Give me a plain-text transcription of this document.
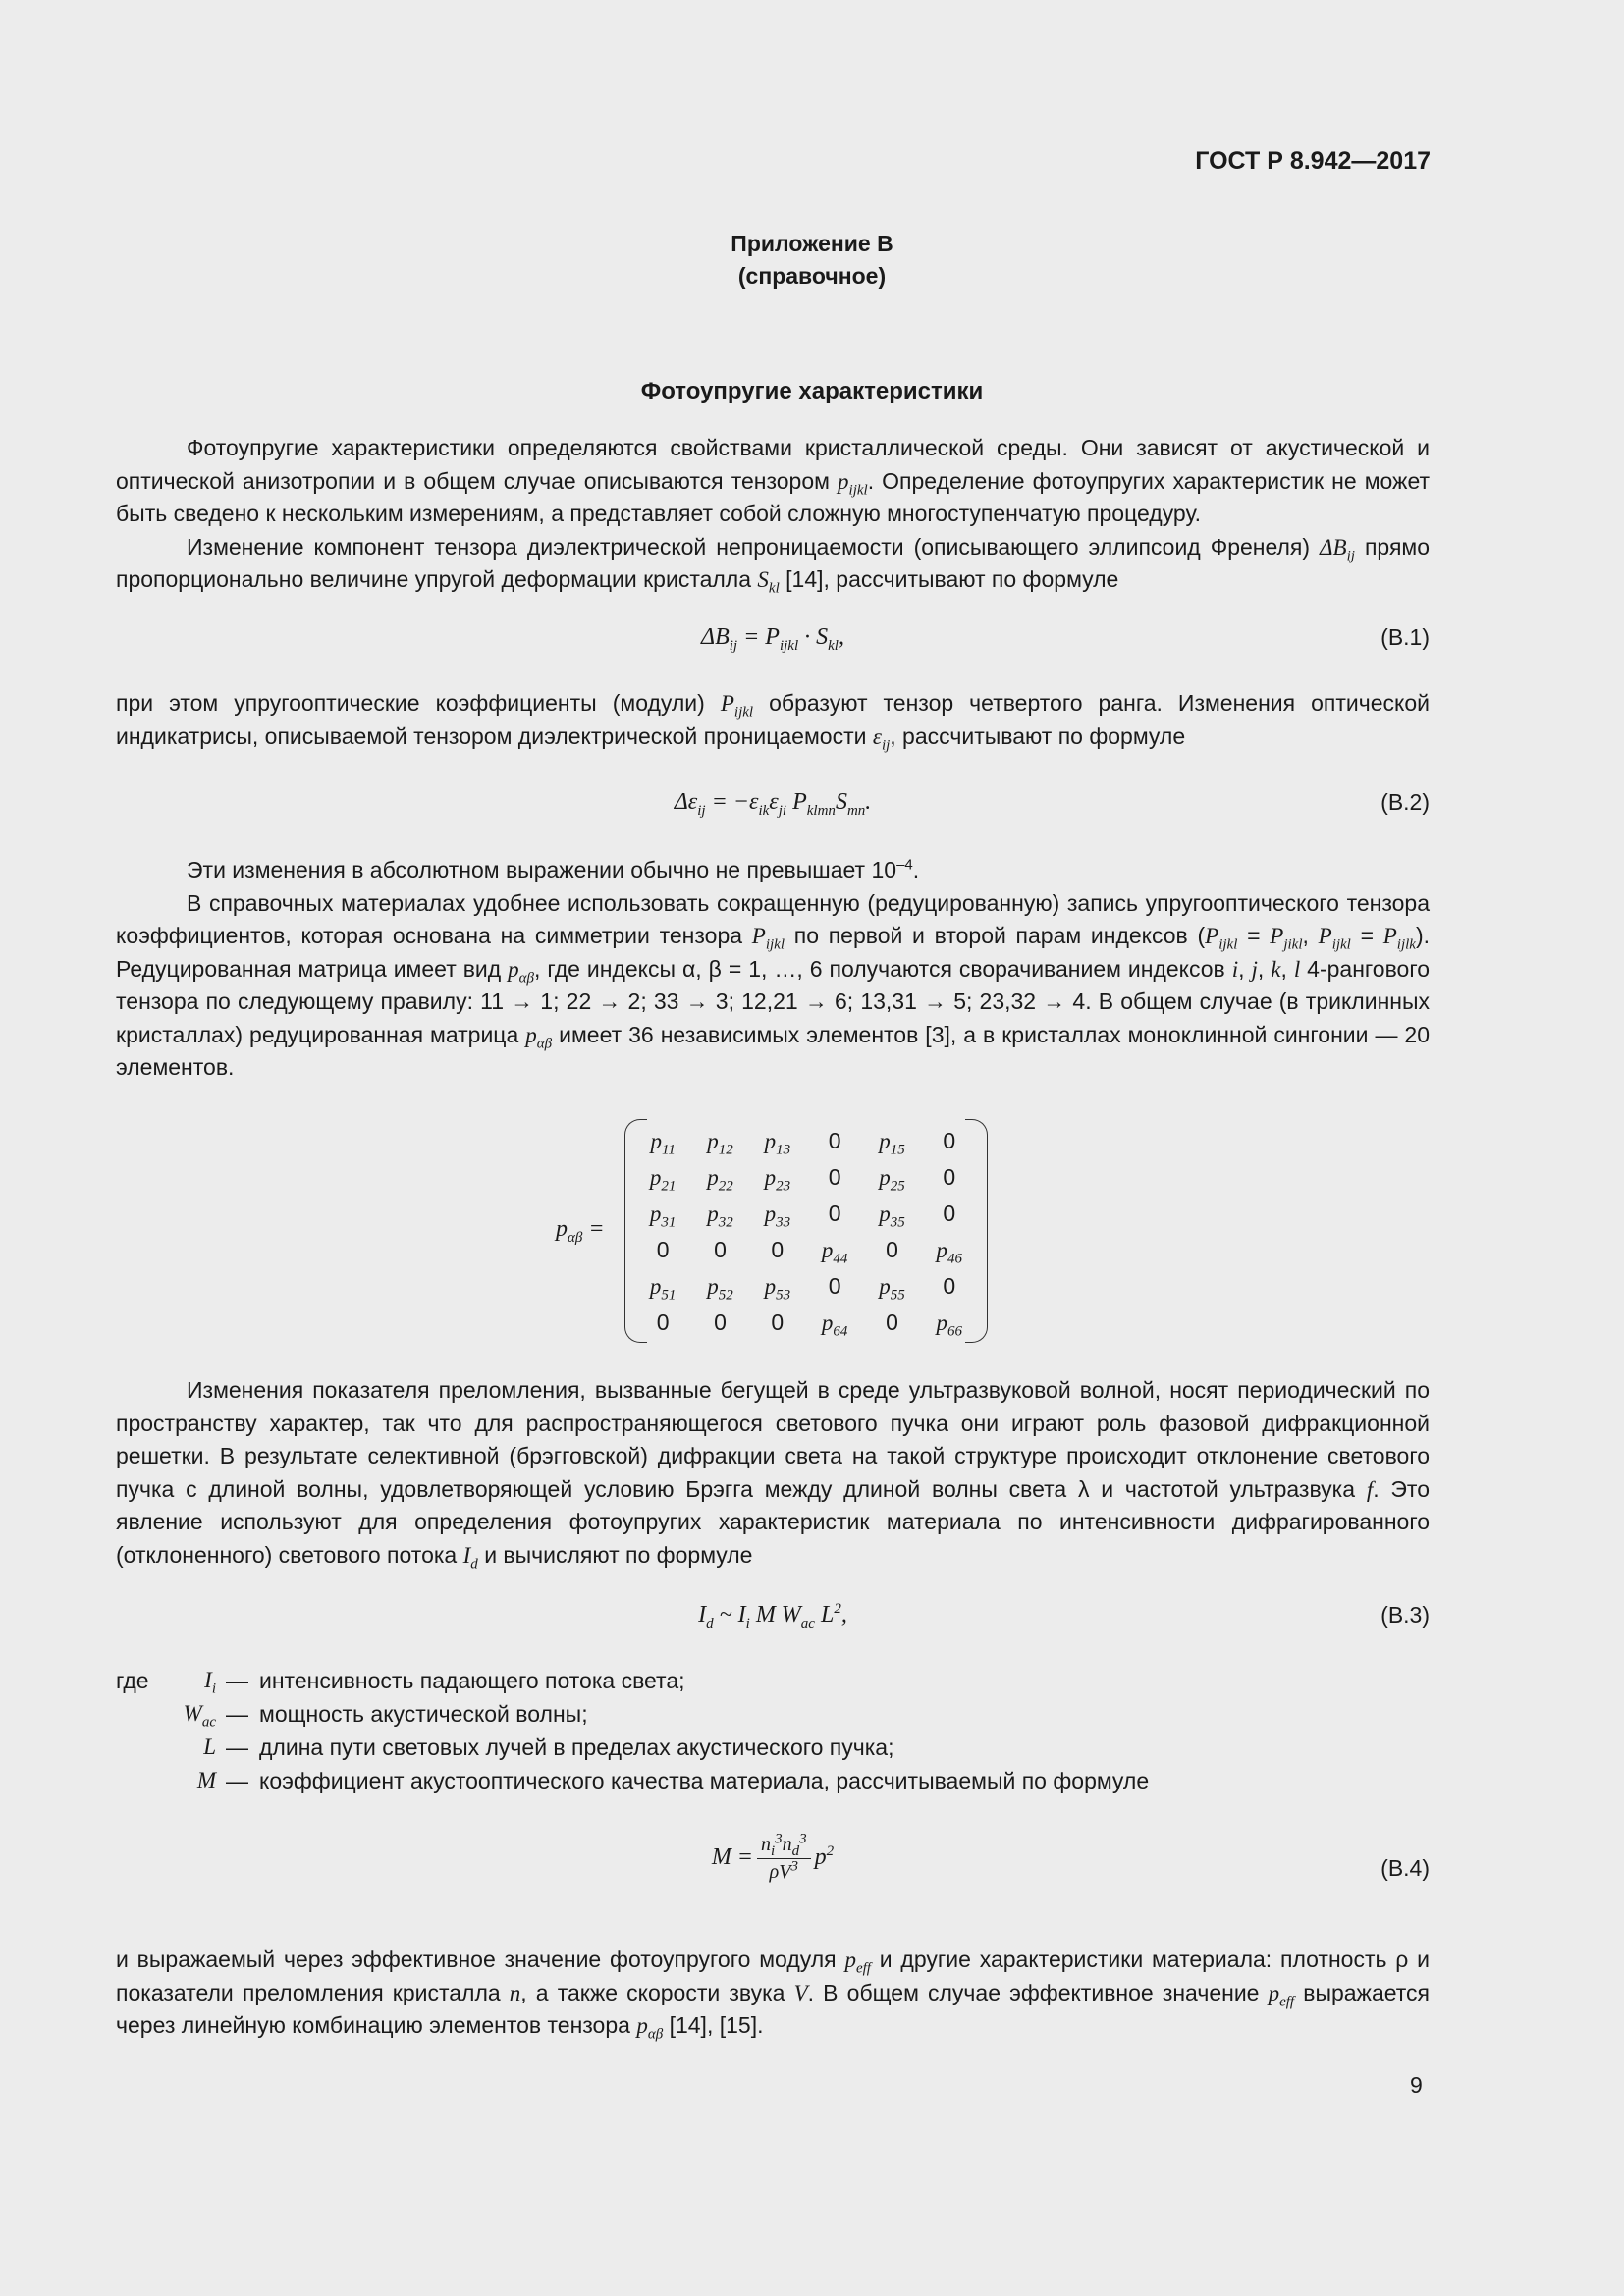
ГОСТ Р 8.942—2017
Приложение В
(справочное)
Фотоупругие характеристики

Фотоупругие характеристики определяются свойствами кристаллической среды. Они зависят от акустической и оптической анизотропии и в общем случае описываются тензором $p_{ijkl}$. Определение фотоупругих характеристик не может быть сведено к нескольким измерениям, а представляет собой сложную многоступенчатую процедуру.

Изменение компонент тензора диэлектрической непроницаемости (описывающего эллипсоид Френеля) $\Delta B_{ij}$ прямо пропорционально величине упругой деформации кристалла $S_{kl}$ [14], рассчитывают по формуле

$\Delta B_{ij} = P_{ijkl} \cdot S_{kl}$,	(В.1)

при этом упругооптические коэффициенты (модули) $P_{ijkl}$ образуют тензор четвертого ранга. Изменения оптической индикатрисы, описываемой тензором диэлектрической проницаемости $\varepsilon_{ij}$, рассчитывают по формуле

$\Delta\varepsilon_{ij} = -\varepsilon_{ik}\varepsilon_{ji}$ $P_{klmn}S_{mn}$.	(В.2)

Эти изменения в абсолютном выражении обычно не превышает $10^{-4}$.

В справочных материалах удобнее использовать сокращенную (редуцированную) запись упругооптического тензора коэффициентов, которая основана на симметрии тензора $P_{ijkl}$ по первой и второй парам индексов ($P_{ijkl} = P_{jikl}$, $P_{ijkl} = P_{ijlk}$). Редуцированная матрица имеет вид $p_{\alpha\beta}$, где индексы α, β = 1, …, 6 получаются сворачиванием индексов i, j, k, l 4-рангового тензора по следующему правилу: 11 → 1; 22 → 2; 33 → 3; 12,21 → 6; 13,31 → 5; 23,32 → 4. В общем случае (в триклинных кристаллах) редуцированная матрица $p_{\alpha\beta}$ имеет 36 независимых элементов [3], а в кристаллах моноклинной сингонии — 20 элементов.

$p_{\alpha\beta}$ =
$p_{11}$	$p_{12}$	$p_{13}$	0	$p_{15}$	0
$p_{21}$	$p_{22}$	$p_{23}$	0	$p_{25}$	0
$p_{31}$	$p_{32}$	$p_{33}$	0	$p_{35}$	0
0	0	0	$p_{44}$	0	$p_{46}$
$p_{51}$	$p_{52}$	$p_{53}$	0	$p_{55}$	0
0	0	0	$p_{64}$	0	$p_{66}$

Изменения показателя преломления, вызванные бегущей в среде ультразвуковой волной, носят периодический по пространству характер, так что для распространяющегося светового пучка они играют роль фазовой дифракционной решетки. В результате селективной (брэгговской) дифракции света на такой структуре происходит отклонение светового пучка с длиной волны, удовлетворяющей условию Брэгга между длиной волны света λ и частотой ультразвука f. Это явление используют для определения фотоупругих характеристик материала по интенсивности дифрагированного (отклоненного) светового потока $I_d$ и вычисляют по формуле

$I_d$ ~ $I_i$ M $W_{ac}$ $L^2$,	(В.3)
где	$I_i$ — интенсивность падающего потока света;
$W_{ac}$ — мощность акустической волны;
L — длина пути световых лучей в пределах акустического пучка;
M — коэффициент акустооптического качества материала, рассчитываемый по формуле
$M = \frac{n_i^3n_d^3}{\rho V^3} p^2$
(В.4)

и выражаемый через эффективное значение фотоупругого модуля $p_{eff}$ и другие характеристики материала: плотность ρ и показатели преломления кристалла n, а также скорости звука V. В общем случае эффективное значение $p_{eff}$ выражается через линейную комбинацию элементов тензора $p_{\alpha\beta}$ [14], [15].

9
